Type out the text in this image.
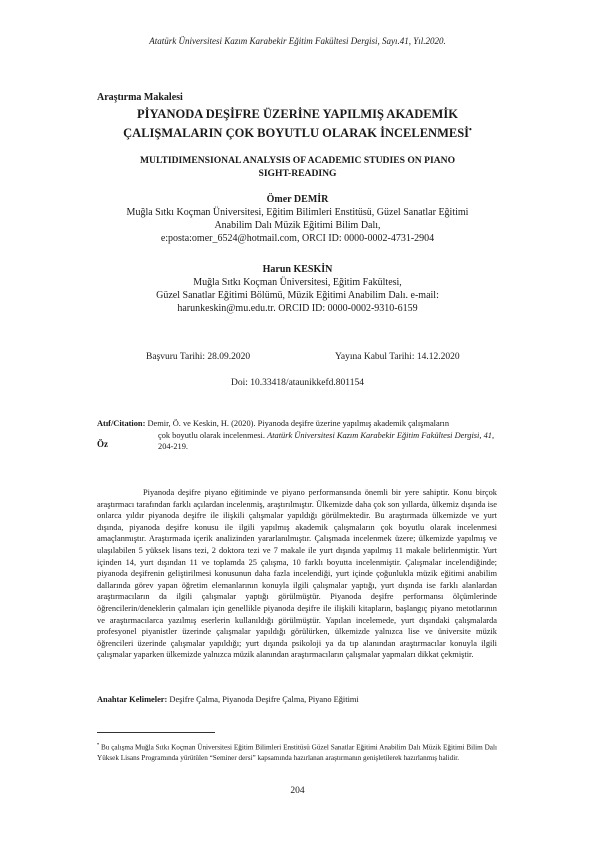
Atatürk Üniversitesi Kazım Karabekir Eğitim Fakültesi Dergisi, Sayı.41, Yıl.2020.
Araştırma Makalesi
PİYANODA DEŞİFRE ÜZERİNE YAPILMIŞ AKADEMİK
ÇALIŞMALARIN ÇOK BOYUTLU OLARAK İNCELENMESİ•
MULTIDIMENSIONAL ANALYSIS OF ACADEMIC STUDIES ON PIANO
SIGHT-READING
Ömer DEMİR
Muğla Sıtkı Koçman Üniversitesi, Eğitim Bilimleri Enstitüsü, Güzel Sanatlar Eğitimi
Anabilim Dalı Müzik Eğitimi Bilim Dalı,
e:posta:omer_6524@hotmail.com, ORCI ID: 0000-0002-4731-2904
Harun KESKİN
Muğla Sıtkı Koçman Üniversitesi, Eğitim Fakültesi,
Güzel Sanatlar Eğitimi Bölümü, Müzik Eğitimi Anabilim Dalı. e-mail:
harunkeskin@mu.edu.tr. ORCID ID: 0000-0002-9310-6159
Başvuru Tarihi: 28.09.2020	Yayına Kabul Tarihi: 14.12.2020
Doi: 10.33418/ataunikkefd.801154
Atıf/Citation: Demir, Ö. ve Keskin, H. (2020). Piyanoda deşifre üzerine yapılmış akademik çalışmaların
çok boyutlu olarak incelenmesi. Atatürk Üniversitesi Kazım Karabekir Eğitim Fakültesi Dergisi, 41, 204-219.
Öz
Piyanoda deşifre piyano eğitiminde ve piyano performansında önemli bir yere sahiptir. Konu birçok araştırmacı tarafından farklı açılardan incelenmiş, araştırılmıştır. Ülkemizde daha çok son yıllarda, ülkemiz dışında ise onlarca yıldır piyanoda deşifre ile ilişkili çalışmalar yapıldığı görülmektedir. Bu araştırmada ülkemizde ve yurt dışında, piyanoda deşifre konusu ile ilgili yapılmış akademik çalışmaların çok boyutlu olarak incelenmesi amaçlanmıştır. Araştırmada içerik analizinden yararlanılmıştır. Çalışmada incelenmek üzere; ülkemizde yapılmış ve ulaşılabilen 5 yüksek lisans tezi, 2 doktora tezi ve 7 makale ile yurt dışında yapılmış 11 makale belirlenmiştir. Yurt içinden 14, yurt dışından 11 ve toplamda 25 çalışma, 10 farklı boyutta incelenmiştir. Çalışmalar incelendiğinde; piyanoda deşifrenin geliştirilmesi konusunun daha fazla incelendiği, yurt içinde çoğunlukla müzik eğitimi anabilim dallarında görev yapan öğretim elemanlarının konuyla ilgili çalışmalar yaptığı, yurt dışında ise farklı alanlardan araştırmacıların da ilgili çalışmalar yaptığı görülmüştür. Piyanoda deşifre performansı ölçümlerinde öğrencilerin/deneklerin çalmaları için genellikle piyanoda deşifre ile ilişkili kitapların, başlangıç piyano metotlarının ve araştırmacılarca yazılmış eserlerin kullanıldığı görülmüştür. Yapılan incelemede, yurt dışındaki çalışmalarda profesyonel piyanistler üzerinde çalışmalar yapıldığı görülürken, ülkemizde yalnızca lise ve üniversite müzik öğrencileri üzerinde çalışmalar yapıldığı; yurt dışında psikoloji ya da tıp alanından araştırmacılar konuyla ilgili çalışmalar yaparken ülkemizde yalnızca müzik alanından araştırmacıların çalışmalar yapmaları dikkat çekmiştir.
Anahtar Kelimeler: Deşifre Çalma, Piyanoda Deşifre Çalma, Piyano Eğitimi
• Bu çalışma Muğla Sıtkı Koçman Üniversitesi Eğitim Bilimleri Enstitüsü Güzel Sanatlar Eğitimi Anabilim Dalı Müzik Eğitimi Bilim Dalı Yüksek Lisans Programında yürütülen “Seminer dersi” kapsamında hazırlanan araştırmanın genişletilerek hazırlanmış halidir.
204
